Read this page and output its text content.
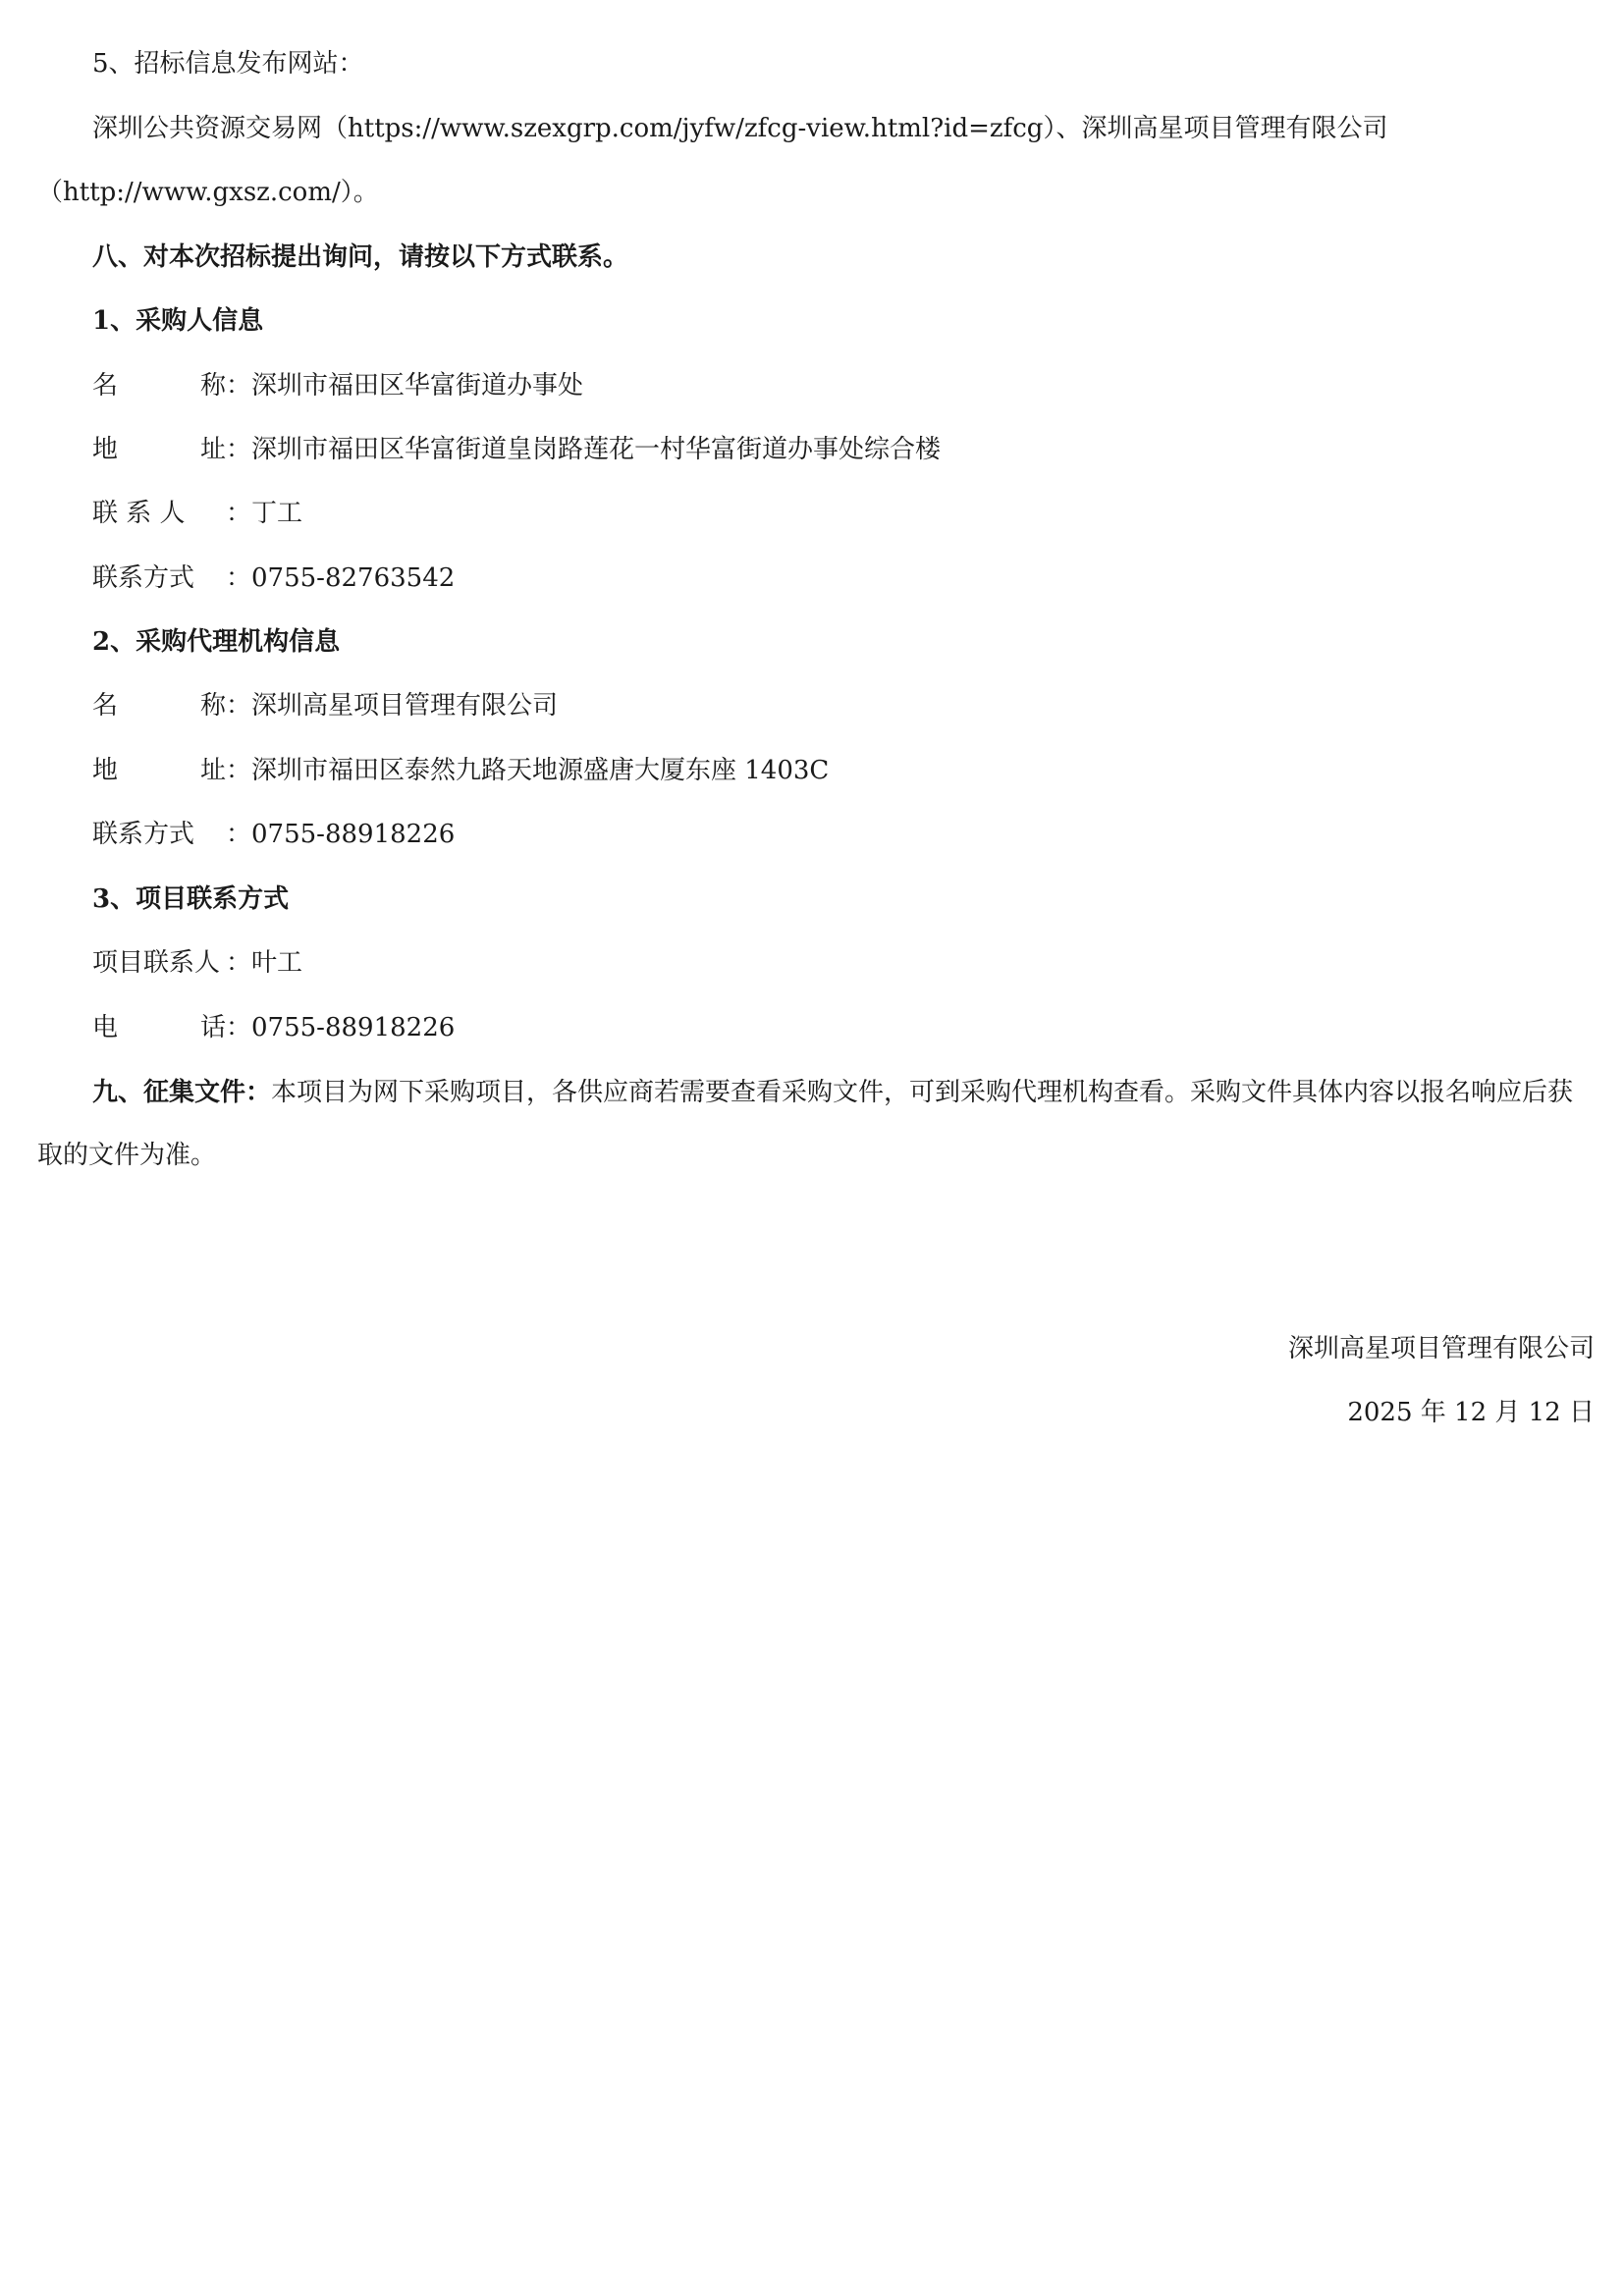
5、招标信息发布网站：
深圳公共资源交易网（https://www.szexgrp.com/jyfw/zfcg-view.html?id=zfcg）、深圳高星项目管理有限公司
（http://www.gxsz.com/）。
八、对本次招标提出询问，请按以下方式联系。
1、采购人信息
名	称 ：深圳市福田区华富街道办事处
地	址 ：深圳市福田区华富街道皇岗路莲花一村华富街道办事处综合楼
联 系 人 ：丁工
联系方式 ：0755-82763542
2、采购代理机构信息
名	称 ：深圳高星项目管理有限公司
地	址 ：深圳市福田区泰然九路天地源盛唐大厦东座 1403C
联系方式 ：0755-88918226
3、项目联系方式
项目联系人 ：叶工
电	话 ：0755-88918226
九、征集文件：本项目为网下采购项目，各供应商若需要查看采购文件，可到采购代理机构查看。采购文件具体内容以报名响应后获取的文件为准。
深圳高星项目管理有限公司
2025 年 12 月 12 日
